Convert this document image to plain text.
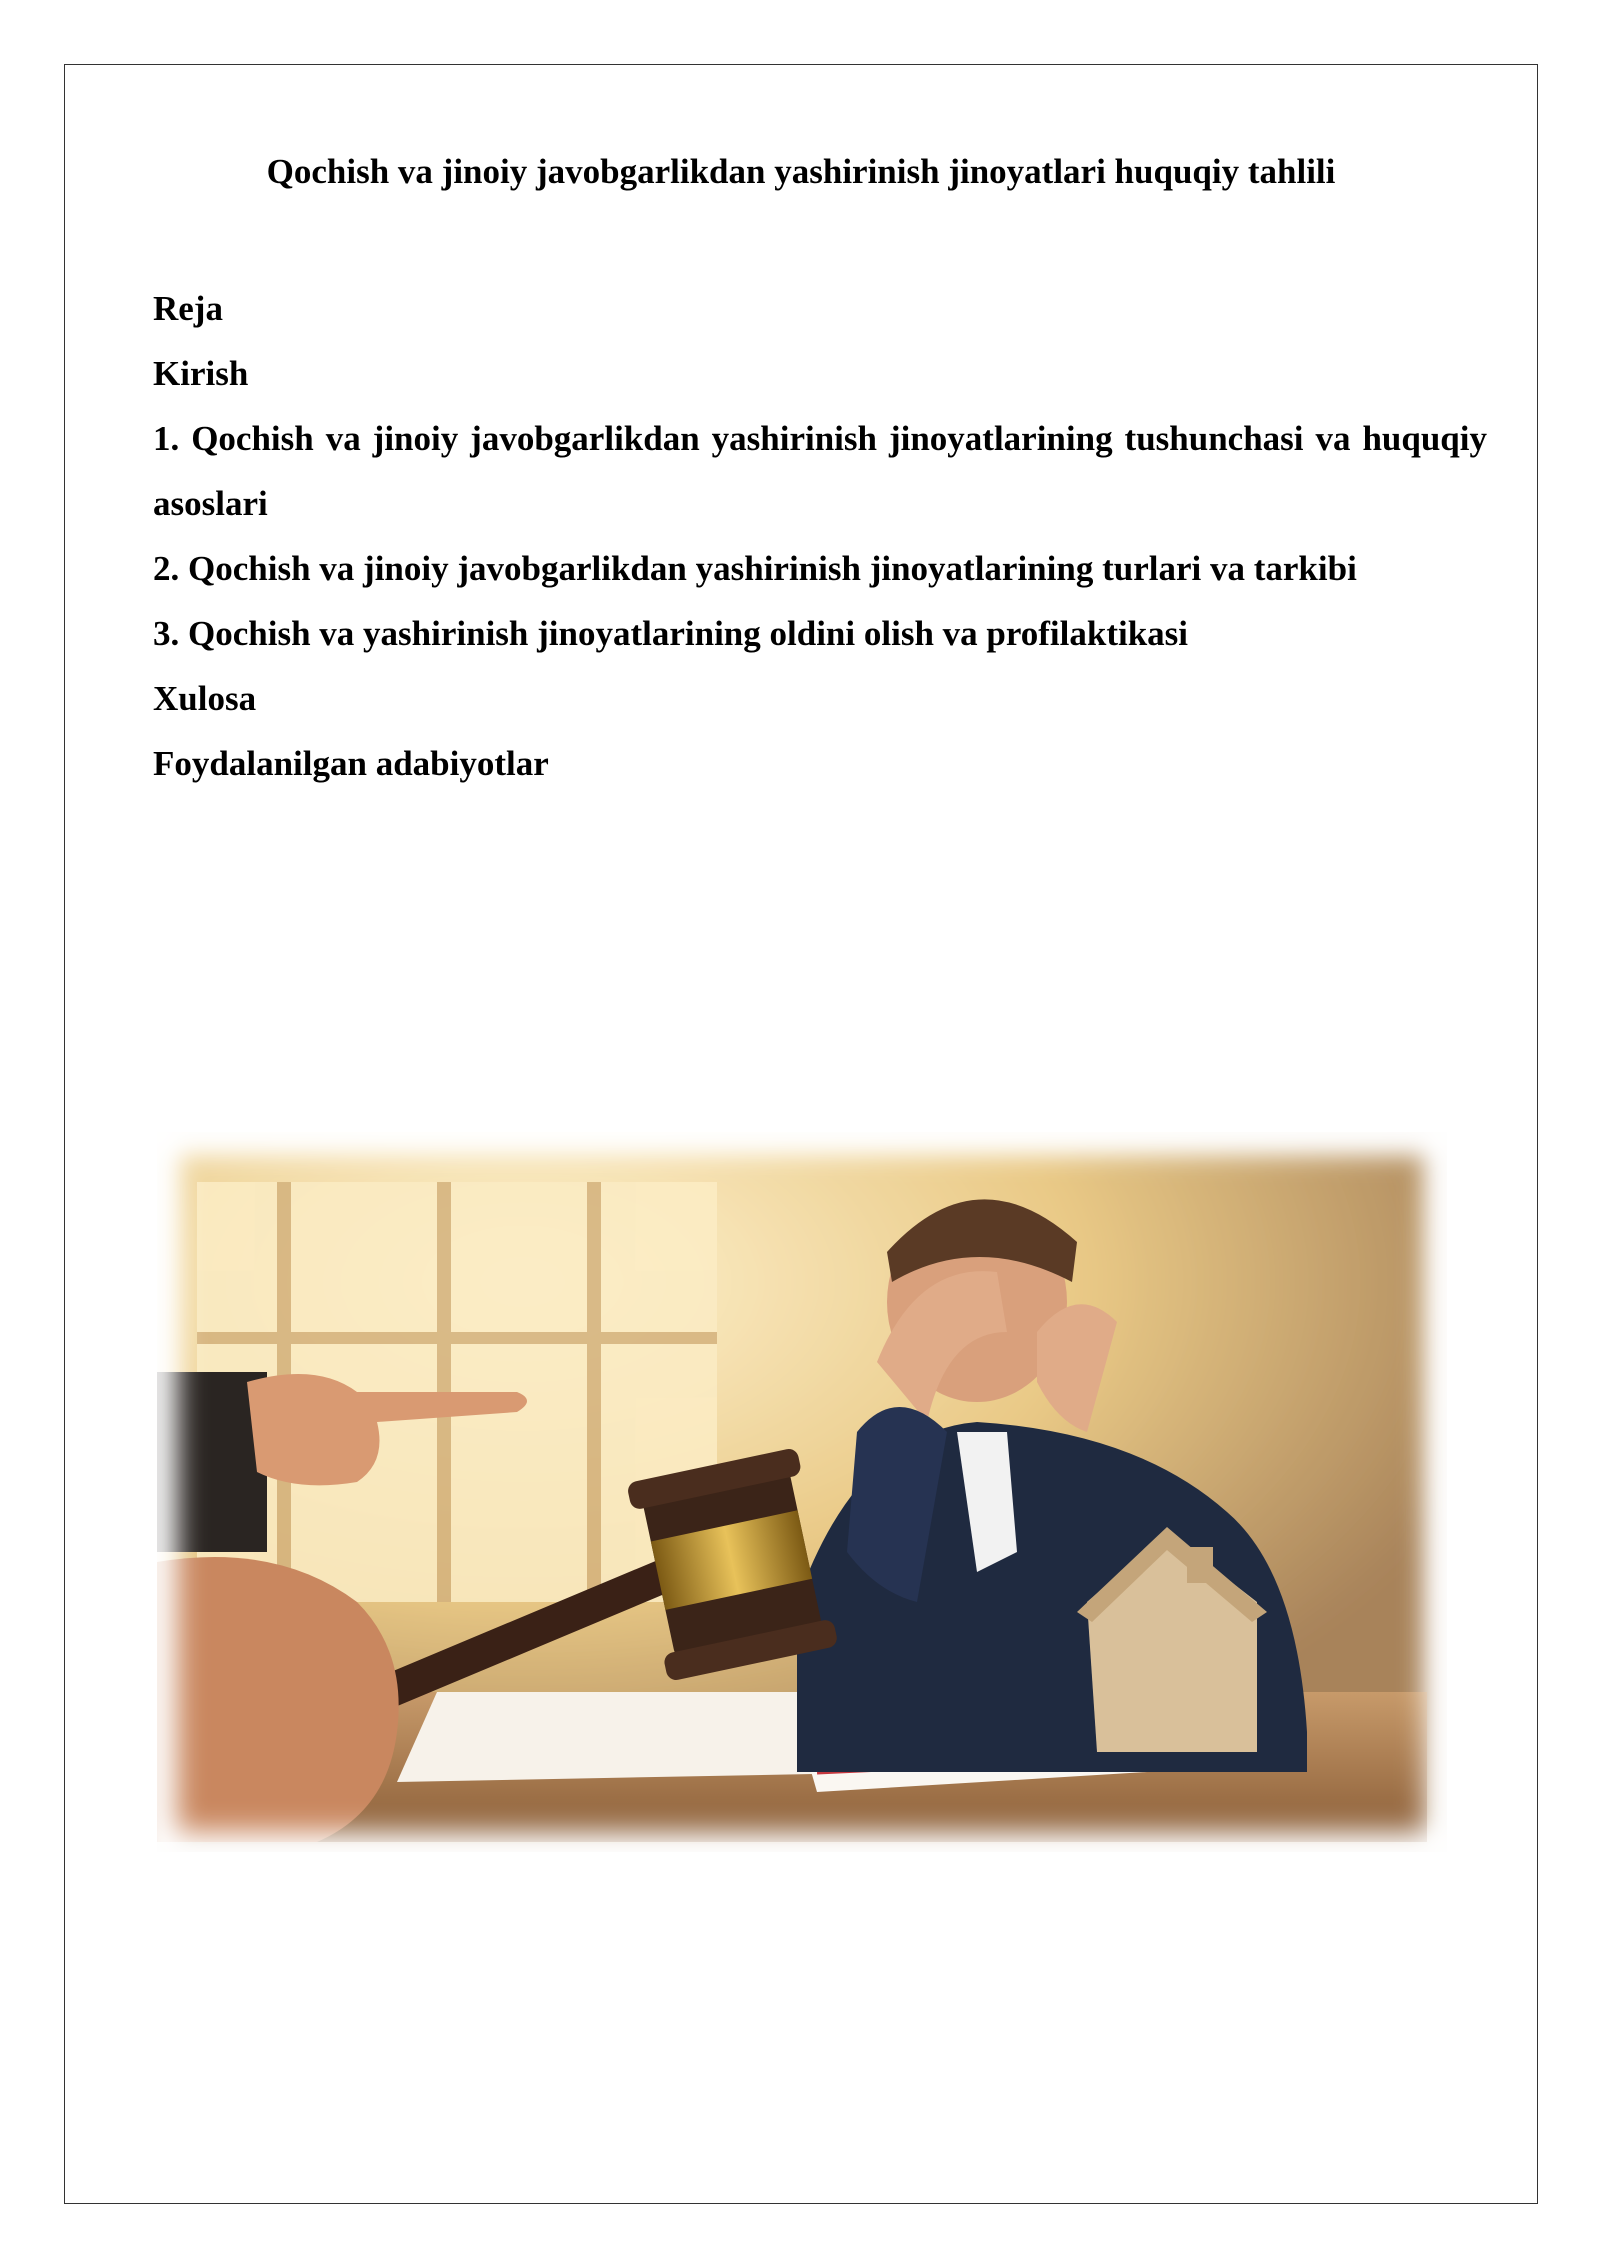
Qochish va jinoiy javobgarlikdan yashirinish jinoyatlari huquqiy tahlili

Reja

Kirish

1. Qochish va jinoiy javobgarlikdan yashirinish jinoyatlarining tushunchasi va huquqiy asoslari

2. Qochish va jinoiy javobgarlikdan yashirinish jinoyatlarining turlari va tarkibi

3. Qochish va yashirinish jinoyatlarining oldini olish va profilaktikasi

Xulosa

Foydalanilgan adabiyotlar
